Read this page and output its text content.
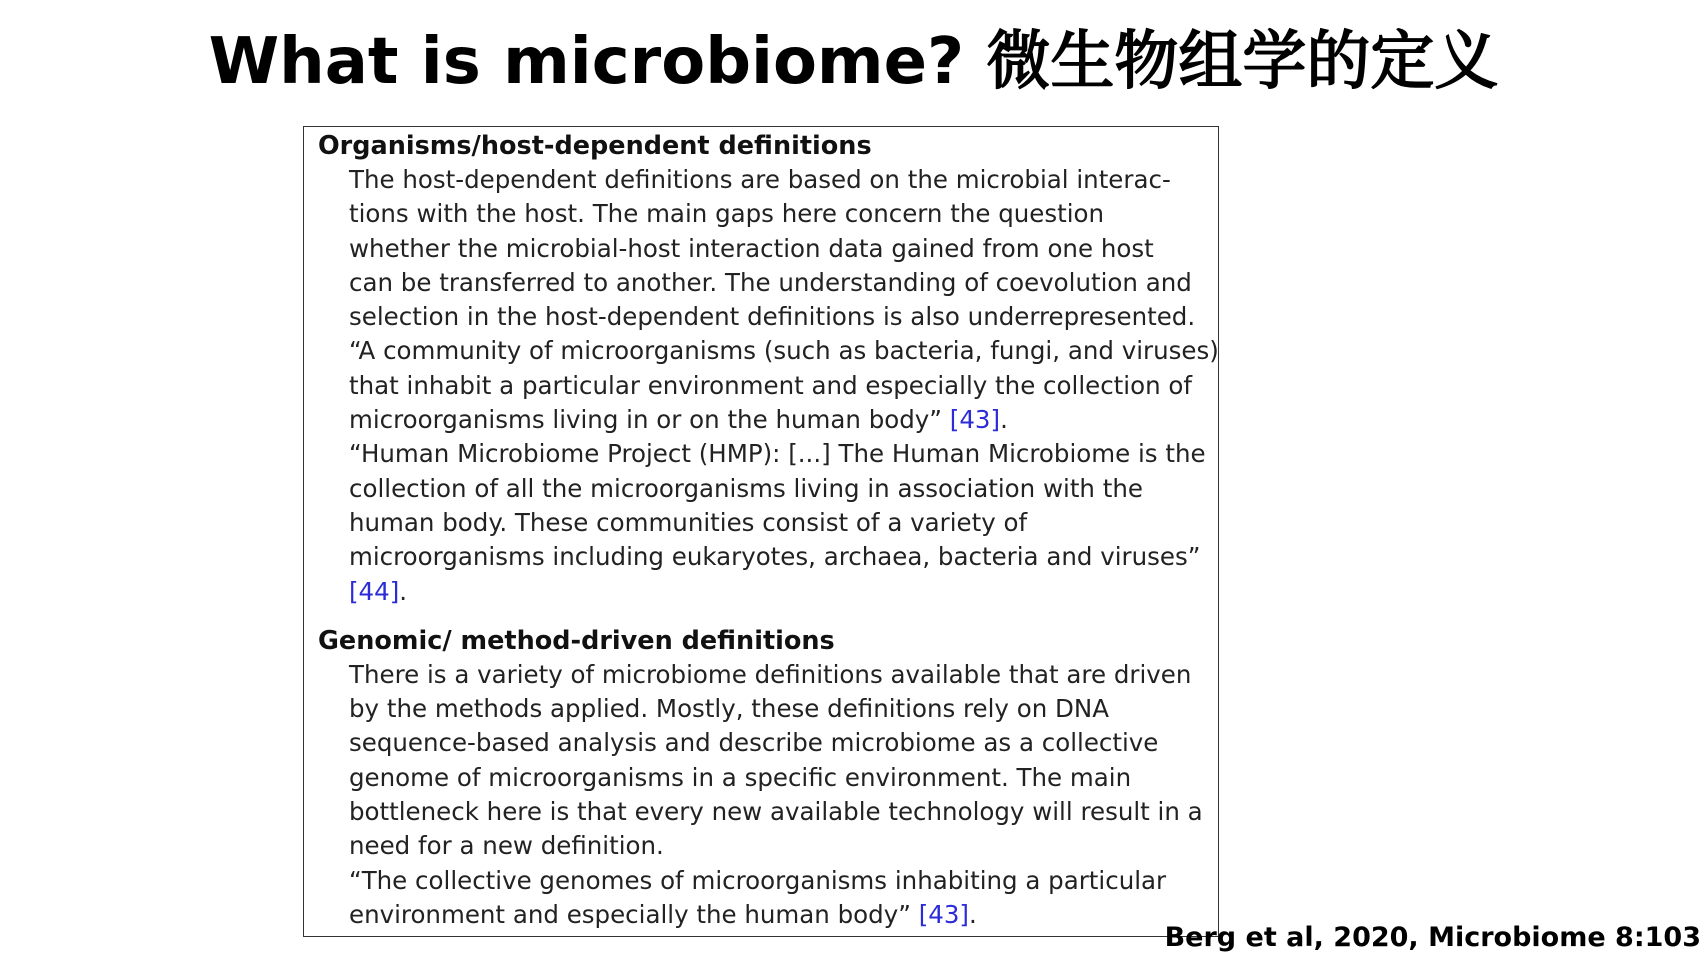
What is microbiome? 微生物组学的定义
Organisms/host-dependent definitions

The host-dependent definitions are based on the microbial interac-

tions with the host. The main gaps here concern the question

whether the microbial-host interaction data gained from one host

can be transferred to another. The understanding of coevolution and

selection in the host-dependent definitions is also underrepresented.

“A community of microorganisms (such as bacteria, fungi, and viruses)

that inhabit a particular environment and especially the collection of

microorganisms living in or on the human body” [43].

“Human Microbiome Project (HMP): [...] The Human Microbiome is the

collection of all the microorganisms living in association with the

human body. These communities consist of a variety of

microorganisms including eukaryotes, archaea, bacteria and viruses”

[44].

Genomic/ method-driven definitions

There is a variety of microbiome definitions available that are driven

by the methods applied. Mostly, these definitions rely on DNA

sequence-based analysis and describe microbiome as a collective

genome of microorganisms in a specific environment. The main

bottleneck here is that every new available technology will result in a

need for a new definition.

“The collective genomes of microorganisms inhabiting a particular

environment and especially the human body” [43].

Berg et al, 2020, Microbiome 8:103
